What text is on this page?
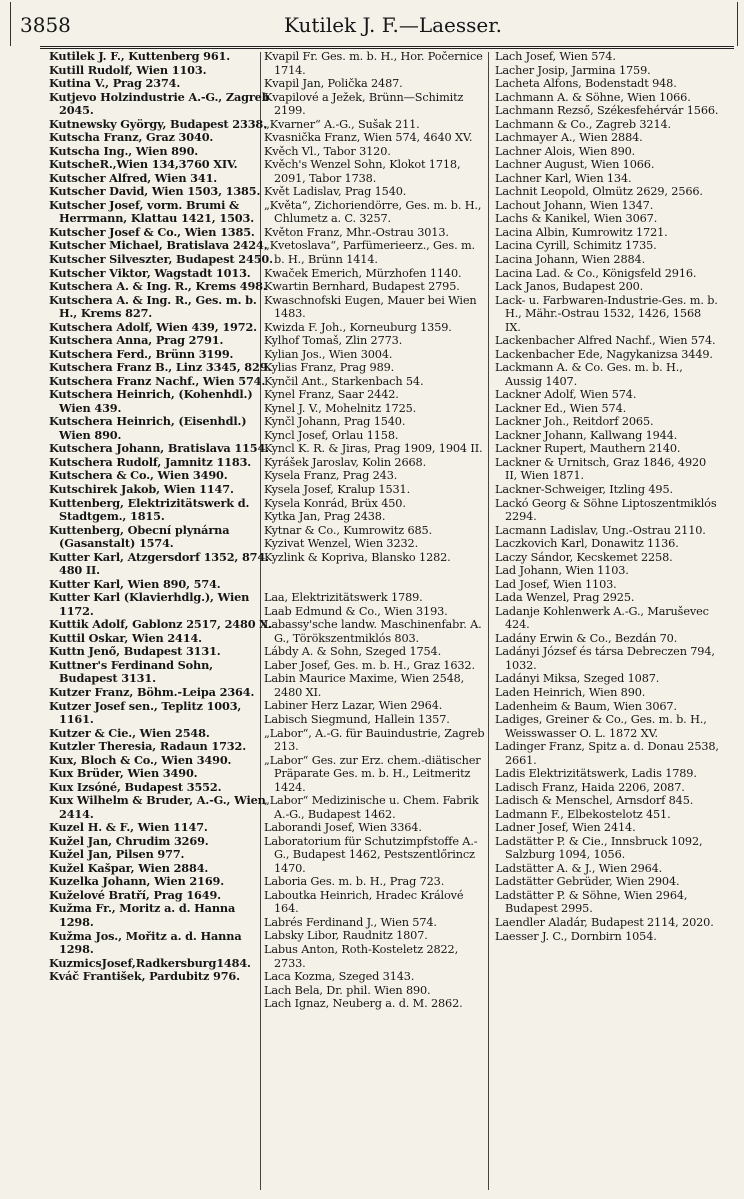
3858	Kutilek J. F.—Laesser.
Kutilek J. F., Kuttenberg 961.
Kutill Rudolf, Wien 1103.
Kutina V., Prag 2374.
Kutjevo Holzindustrie A.-G., Zagreb 2045.
Kutnewsky György, Budapest 2338.
Kutscha Franz, Graz 3040.
Kutscha Ing., Wien 890.
KutscheR.,Wien 134,3760 XIV.
Kutscher Alfred, Wien 341.
Kutscher David, Wien 1503, 1385.
Kutscher Josef, vorm. Brumi & Herrmann, Klattau 1421, 1503.
Kutscher Josef & Co., Wien 1385.
Kutscher Michael, Bratislava 2424.
Kutscher Silveszter, Budapest 2450.
Kutscher Viktor, Wagstadt 1013.
Kutschera A. & Ing. R., Krems 498.
Kutschera A. & Ing. R., Ges. m. b. H., Krems 827.
Kutschera Adolf, Wien 439, 1972.
Kutschera Anna, Prag 2791.
Kutschera Ferd., Brünn 3199.
Kutschera Franz B., Linz 3345, 829.
Kutschera Franz Nachf., Wien 574.
Kutschera Heinrich, (Kohenhdl.) Wien 439.
Kutschera Heinrich, (Eisenhdl.) Wien 890.
Kutschera Johann, Bratislava 1154.
Kutschera Rudolf, Jamnitz 1183.
Kutschera & Co., Wien 3490.
Kutschirek Jakob, Wien 1147.
Kuttenberg, Elektrizitätswerk d. Stadtgem., 1815.
Kuttenberg, Obecní plynárna (Gasanstalt) 1574.
Kutter Karl, Atzgersdorf 1352, 874. 480 II.
Kutter Karl, Wien 890, 574.
Kutter Karl (Klavierhdlg.), Wien 1172.
Kuttik Adolf, Gablonz 2517, 2480 X.
Kuttil Oskar, Wien 2414.
Kuttn Jenő, Budapest 3131.
Kuttner's Ferdinand Sohn, Budapest 3131.
Kutzer Franz, Böhm.-Leipa 2364.
Kutzer Josef sen., Teplitz 1003, 1161.
Kutzer & Cie., Wien 2548.
Kutzler Theresia, Radaun 1732.
Kux, Bloch & Co., Wien 3490.
Kux Brüder, Wien 3490.
Kux Izsóné, Budapest 3552.
Kux Wilhelm & Bruder, A.-G., Wien 2414.
Kuzel H. & F., Wien 1147.
Kužel Jan, Chrudim 3269.
Kužel Jan, Pilsen 977.
Kužel Kašpar, Wien 2884.
Kuzelka Johann, Wien 2169.
Kuželové Bratří, Prag 1649.
Kužma Fr., Moritz a. d. Hanna 1298.
Kužma Jos., Mořitz a. d. Hanna 1298.
KuzmicsJosef,Radkersburg1484.
Kváč František, Pardubitz 976.
Kvapil Fr. Ges. m. b. H., Hor. Počernice 1714.
Kvapil Jan, Polička 2487.
Kvapilové a Ježek, Brünn—Schimitz 2199.
„Kvarner“ A.-G., Sušak 211.
Kvasnička Franz, Wien 574, 4640 XV.
Kvěch Vl., Tabor 3120.
Kvěch's Wenzel Sohn, Klokot 1718, 2091, Tabor 1738.
Květ Ladislav, Prag 1540.
„Květa“, Zichoriendörre, Ges. m. b. H., Chlumetz a. C. 3257.
Květon Franz, Mhr.-Ostrau 3013.
„Kvetoslava“, Parfümerieerz., Ges. m. b. H., Brünn 1414.
Kwaček Emerich, Mürzhofen 1140.
Kwartin Bernhard, Budapest 2795.
Kwaschnofski Eugen, Mauer bei Wien 1483.
Kwizda F. Joh., Korneuburg 1359.
Kylhof Tomaš, Zlin 2773.
Kylian Jos., Wien 3004.
Kylias Franz, Prag 989.
Kynčil Ant., Starkenbach 54.
Kynel Franz, Saar 2442.
Kynel J. V., Mohelnitz 1725.
Kynčl Johann, Prag 1540.
Kyncl Josef, Orlau 1158.
Kyncl K. R. & Jiras, Prag 1909, 1904 II.
Kyrášek Jaroslav, Kolin 2668.
Kysela Franz, Prag 243.
Kysela Josef, Kralup 1531.
Kysela Konrád, Brüx 450.
Kytka Jan, Prag 2438.
Kytnar & Co., Kumrowitz 685.
Kyzivat Wenzel, Wien 3232.
Kyzlink & Kopriva, Blansko 1282.
Laa, Elektrizitätswerk 1789.
Laab Edmund & Co., Wien 3193.
Labassy'sche landw. Maschinenfabr. A. G., Törökszentmiklós 803.
Lábdy A. & Sohn, Szeged 1754.
Laber Josef, Ges. m. b. H., Graz 1632.
Labin Maurice Maxime, Wien 2548, 2480 XI.
Labiner Herz Lazar, Wien 2964.
Labisch Siegmund, Hallein 1357.
„Labor“, A.-G. für Bauindustrie, Zagreb 213.
„Labor“ Ges. zur Erz. chem.-diätischer Präparate Ges. m. b. H., Leitmeritz 1424.
„Labor“ Medizinische u. Chem. Fabrik A.-G., Budapest 1462.
Laborandi Josef, Wien 3364.
Laboratorium für Schutzimpfstoffe A.-G., Budapest 1462, Pestszentlőrincz 1470.
Laboria Ges. m. b. H., Prag 723.
Laboutka Heinrich, Hradec Králové 164.
Labrés Ferdinand J., Wien 574.
Labsky Libor, Raudnitz 1807.
Labus Anton, Roth-Kosteletz 2822, 2733.
Laca Kozma, Szeged 3143.
Lach Bela, Dr. phil. Wien 890.
Lach Ignaz, Neuberg a. d. M. 2862.
Lach Josef, Wien 574.
Lacher Josip, Jarmina 1759.
Lacheta Alfons, Bodenstadt 948.
Lachmann A. & Söhne, Wien 1066.
Lachmann Rezső, Székesfehérvár 1566.
Lachmann & Co., Zagreb 3214.
Lachmayer A., Wien 2884.
Lachner Alois, Wien 890.
Lachner August, Wien 1066.
Lachner Karl, Wien 134.
Lachnit Leopold, Olmütz 2629, 2566.
Lachout Johann, Wien 1347.
Lachs & Kanikel, Wien 3067.
Lacina Albin, Kumrowitz 1721.
Lacina Cyrill, Schimitz 1735.
Lacina Johann, Wien 2884.
Lacina Lad. & Co., Königsfeld 2916.
Lack Janos, Budapest 200.
Lack- u. Farbwaren-Industrie-Ges. m. b. H., Mähr.-Ostrau 1532, 1426, 1568 IX.
Lackenbacher Alfred Nachf., Wien 574.
Lackenbacher Ede, Nagykanizsa 3449.
Lackmann A. & Co. Ges. m. b. H., Aussig 1407.
Lackner Adolf, Wien 574.
Lackner Ed., Wien 574.
Lackner Joh., Reitdorf 2065.
Lackner Johann, Kallwang 1944.
Lackner Rupert, Mauthern 2140.
Lackner & Urnitsch, Graz 1846, 4920 II, Wien 1871.
Lackner-Schweiger, Itzling 495.
Lackó Georg & Söhne Liptoszentmiklós 2294.
Lacmann Ladislav, Ung.-Ostrau 2110.
Laczkovich Karl, Donawitz 1136.
Laczy Sándor, Kecskemet 2258.
Lad Johann, Wien 1103.
Lad Josef, Wien 1103.
Lada Wenzel, Prag 2925.
Ladanje Kohlenwerk A.-G., Maruševec 424.
Ladány Erwin & Co., Bezdán 70.
Ladányi József és társa Debreczen 794, 1032.
Ladányi Miksa, Szeged 1087.
Laden Heinrich, Wien 890.
Ladenheim & Baum, Wien 3067.
Ladiges, Greiner & Co., Ges. m. b. H., Weisswasser O. L. 1872 XV.
Ladinger Franz, Spitz a. d. Donau 2538, 2661.
Ladis Elektrizitätswerk, Ladis 1789.
Ladisch Franz, Haida 2206, 2087.
Ladisch & Menschel, Arnsdorf 845.
Ladmann F., Elbekostelotz 451.
Ladner Josef, Wien 2414.
Ladstätter P. & Cie., Innsbruck 1092, Salzburg 1094, 1056.
Ladstätter A. & J., Wien 2964.
Ladstätter Gebrüder, Wien 2904.
Ladstätter P. & Söhne, Wien 2964, Budapest 2995.
Laendler Aladár, Budapest 2114, 2020.
Laesser J. C., Dornbirn 1054.
